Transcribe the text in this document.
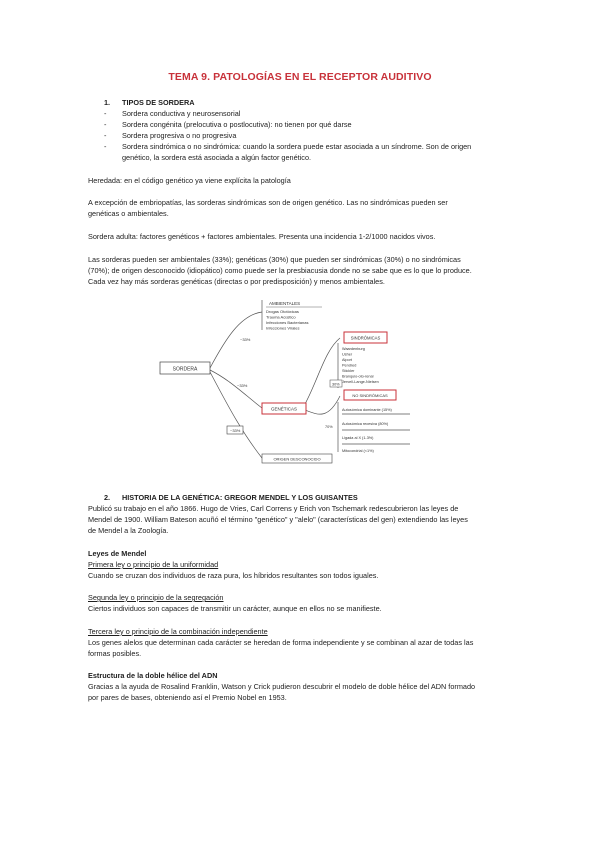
TEMA 9. PATOLOGÍAS EN EL RECEPTOR AUDITIVO
1. TIPOS DE SORDERA
- Sordera conductiva y neurosensorial
- Sordera congénita (prelocutiva o postlocutiva): no tienen por qué darse
- Sordera progresiva o no progresiva
- Sordera sindrómica o no sindrómica: cuando la sordera puede estar asociada a un síndrome. Son de origen
genético, la sordera está asociada a algún factor genético.
Heredada: en el código genético ya viene explícita la patología
A excepción de embriopatías, las sorderas sindrómicas son de origen genético. Las no sindrómicas pueden ser
genéticas o ambientales.
Sordera adulta: factores genéticos + factores ambientales. Presenta una incidencia 1-2/1000 nacidos vivos.
Las sorderas pueden ser ambientales (33%); genéticas (30%) que pueden ser sindrómicas (30%) o no sindrómicas
(70%); de origen desconocido (idiopático) como puede ser la presbiacusia donde no se sabe que es lo que lo produce.
Cada vez hay más sorderas genéticas (directas o por predisposición) y menos ambientales.
SORDERA
AMBIENTALES
Drogas Ototóxicas
Trauma Acústico
Infecciones Bacterianas
Infecciones Virales
~33%
~33%
~33%
GENÉTICAS
30%
70%
SINDRÓMICAS
Waardenburg
Usher
Alport
Pendred
Stickler
Branquio-oto-renal
Jervell-Lange-Nielsen
NO SINDRÓMICAS
Autosómica dominante (15%)
Autosómica recesiva (80%)
Ligada al X (1-3%)
Mitocondrial (<1%)
ORIGEN DESCONOCIDO
2. HISTORIA DE LA GENÉTICA: GREGOR MENDEL Y LOS GUISANTES
Publicó su trabajo en el año 1866. Hugo de Vries, Carl Correns y Erich von Tschemark redescubrieron las leyes de
Mendel de 1900. William Bateson acuñó el término "genético" y "alelo" (características del gen) extendiendo las leyes
de Mendel a la Zoología.
Leyes de Mendel
Primera ley o principio de la uniformidad
Cuando se cruzan dos individuos de raza pura, los híbridos resultantes son todos iguales.
Segunda ley o principio de la segregación
Ciertos individuos son capaces de transmitir un carácter, aunque en ellos no se manifieste.
Tercera ley o principio de la combinación independiente
Los genes alelos que determinan cada carácter se heredan de forma independiente y se combinan al azar de todas las
formas posibles.
Estructura de la doble hélice del ADN
Gracias a la ayuda de Rosalind Franklin, Watson y Crick pudieron descubrir el modelo de doble hélice del ADN formado
por pares de bases, obteniendo así el Premio Nobel en 1953.
